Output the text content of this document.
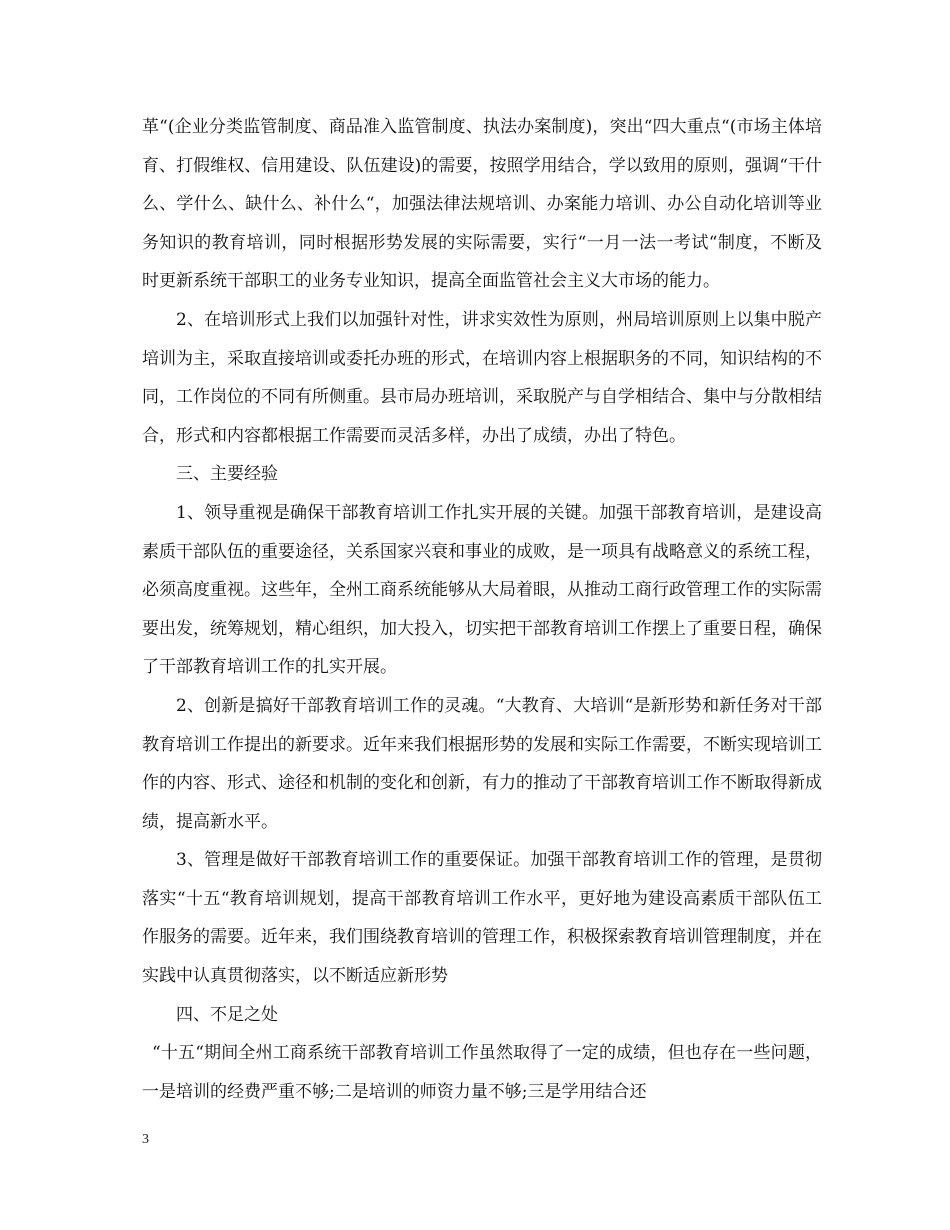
革“(企业分类监管制度、商品准入监管制度、执法办案制度)，突出“四大重点“(市场主体培育、打假维权、信用建设、队伍建设)的需要，按照学用结合，学以致用的原则，强调“干什么、学什么、缺什么、补什么“，加强法律法规培训、办案能力培训、办公自动化培训等业务知识的教育培训，同时根据形势发展的实际需要，实行“一月一法一考试“制度，不断及时更新系统干部职工的业务专业知识，提高全面监管社会主义大市场的能力。

2、在培训形式上我们以加强针对性，讲求实效性为原则，州局培训原则上以集中脱产培训为主，采取直接培训或委托办班的形式，在培训内容上根据职务的不同，知识结构的不同，工作岗位的不同有所侧重。县市局办班培训，采取脱产与自学相结合、集中与分散相结合，形式和内容都根据工作需要而灵活多样，办出了成绩，办出了特色。

三、主要经验

1、领导重视是确保干部教育培训工作扎实开展的关键。加强干部教育培训，是建设高素质干部队伍的重要途径，关系国家兴衰和事业的成败，是一项具有战略意义的系统工程，必须高度重视。这些年，全州工商系统能够从大局着眼，从推动工商行政管理工作的实际需要出发，统筹规划，精心组织，加大投入，切实把干部教育培训工作摆上了重要日程，确保了干部教育培训工作的扎实开展。

2、创新是搞好干部教育培训工作的灵魂。“大教育、大培训“是新形势和新任务对干部教育培训工作提出的新要求。近年来我们根据形势的发展和实际工作需要，不断实现培训工作的内容、形式、途径和机制的变化和创新，有力的推动了干部教育培训工作不断取得新成绩，提高新水平。

3、管理是做好干部教育培训工作的重要保证。加强干部教育培训工作的管理，是贯彻落实“十五“教育培训规划，提高干部教育培训工作水平，更好地为建设高素质干部队伍工作服务的需要。近年来，我们围绕教育培训的管理工作，积极探索教育培训管理制度，并在实践中认真贯彻落实，以不断适应新形势

四、不足之处

“十五“期间全州工商系统干部教育培训工作虽然取得了一定的成绩，但也存在一些问题，一是培训的经费严重不够;二是培训的师资力量不够;三是学用结合还

3
